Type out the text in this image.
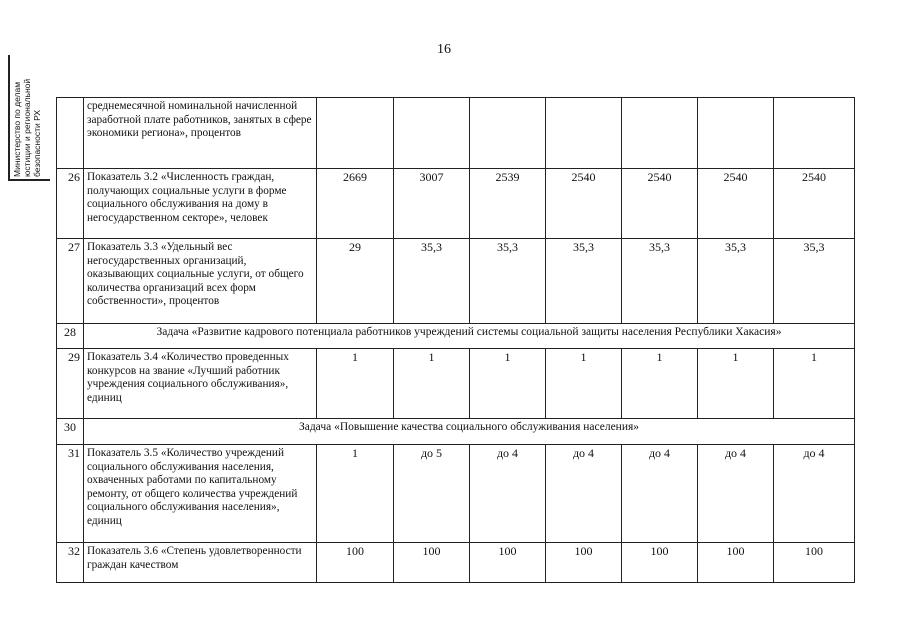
16
Министерство по делам юстиции и региональной безопасности РХ
	среднемесячной номинальной начисленной заработной плате работников, занятых в сфере экономики региона», процентов							
26	Показатель 3.2 «Численность граждан, получающих социальные услуги в форме социального обслуживания на дому в негосударственном секторе», человек	2669	3007	2539	2540	2540	2540	2540
27	Показатель 3.3 «Удельный вес негосударственных организаций, оказывающих социальные услуги, от общего количества организаций всех форм собственности», процентов	29	35,3	35,3	35,3	35,3	35,3	35,3
28	Задача «Развитие кадрового потенциала работников учреждений системы социальной защиты населения Республики Хакасия»							
29	Показатель 3.4 «Количество проведенных конкурсов на звание «Лучший работник учреждения социального обслуживания», единиц	1	1	1	1	1	1	1
30	Задача «Повышение качества социального обслуживания населения»							
31	Показатель 3.5 «Количество учреждений социального обслуживания населения, охваченных работами по капитальному ремонту, от общего количества учреждений социального обслуживания населения», единиц	1	до 5	до 4	до 4	до 4	до 4	до 4
32	Показатель 3.6 «Степень удовлетворенности граждан качеством	100	100	100	100	100	100	100
